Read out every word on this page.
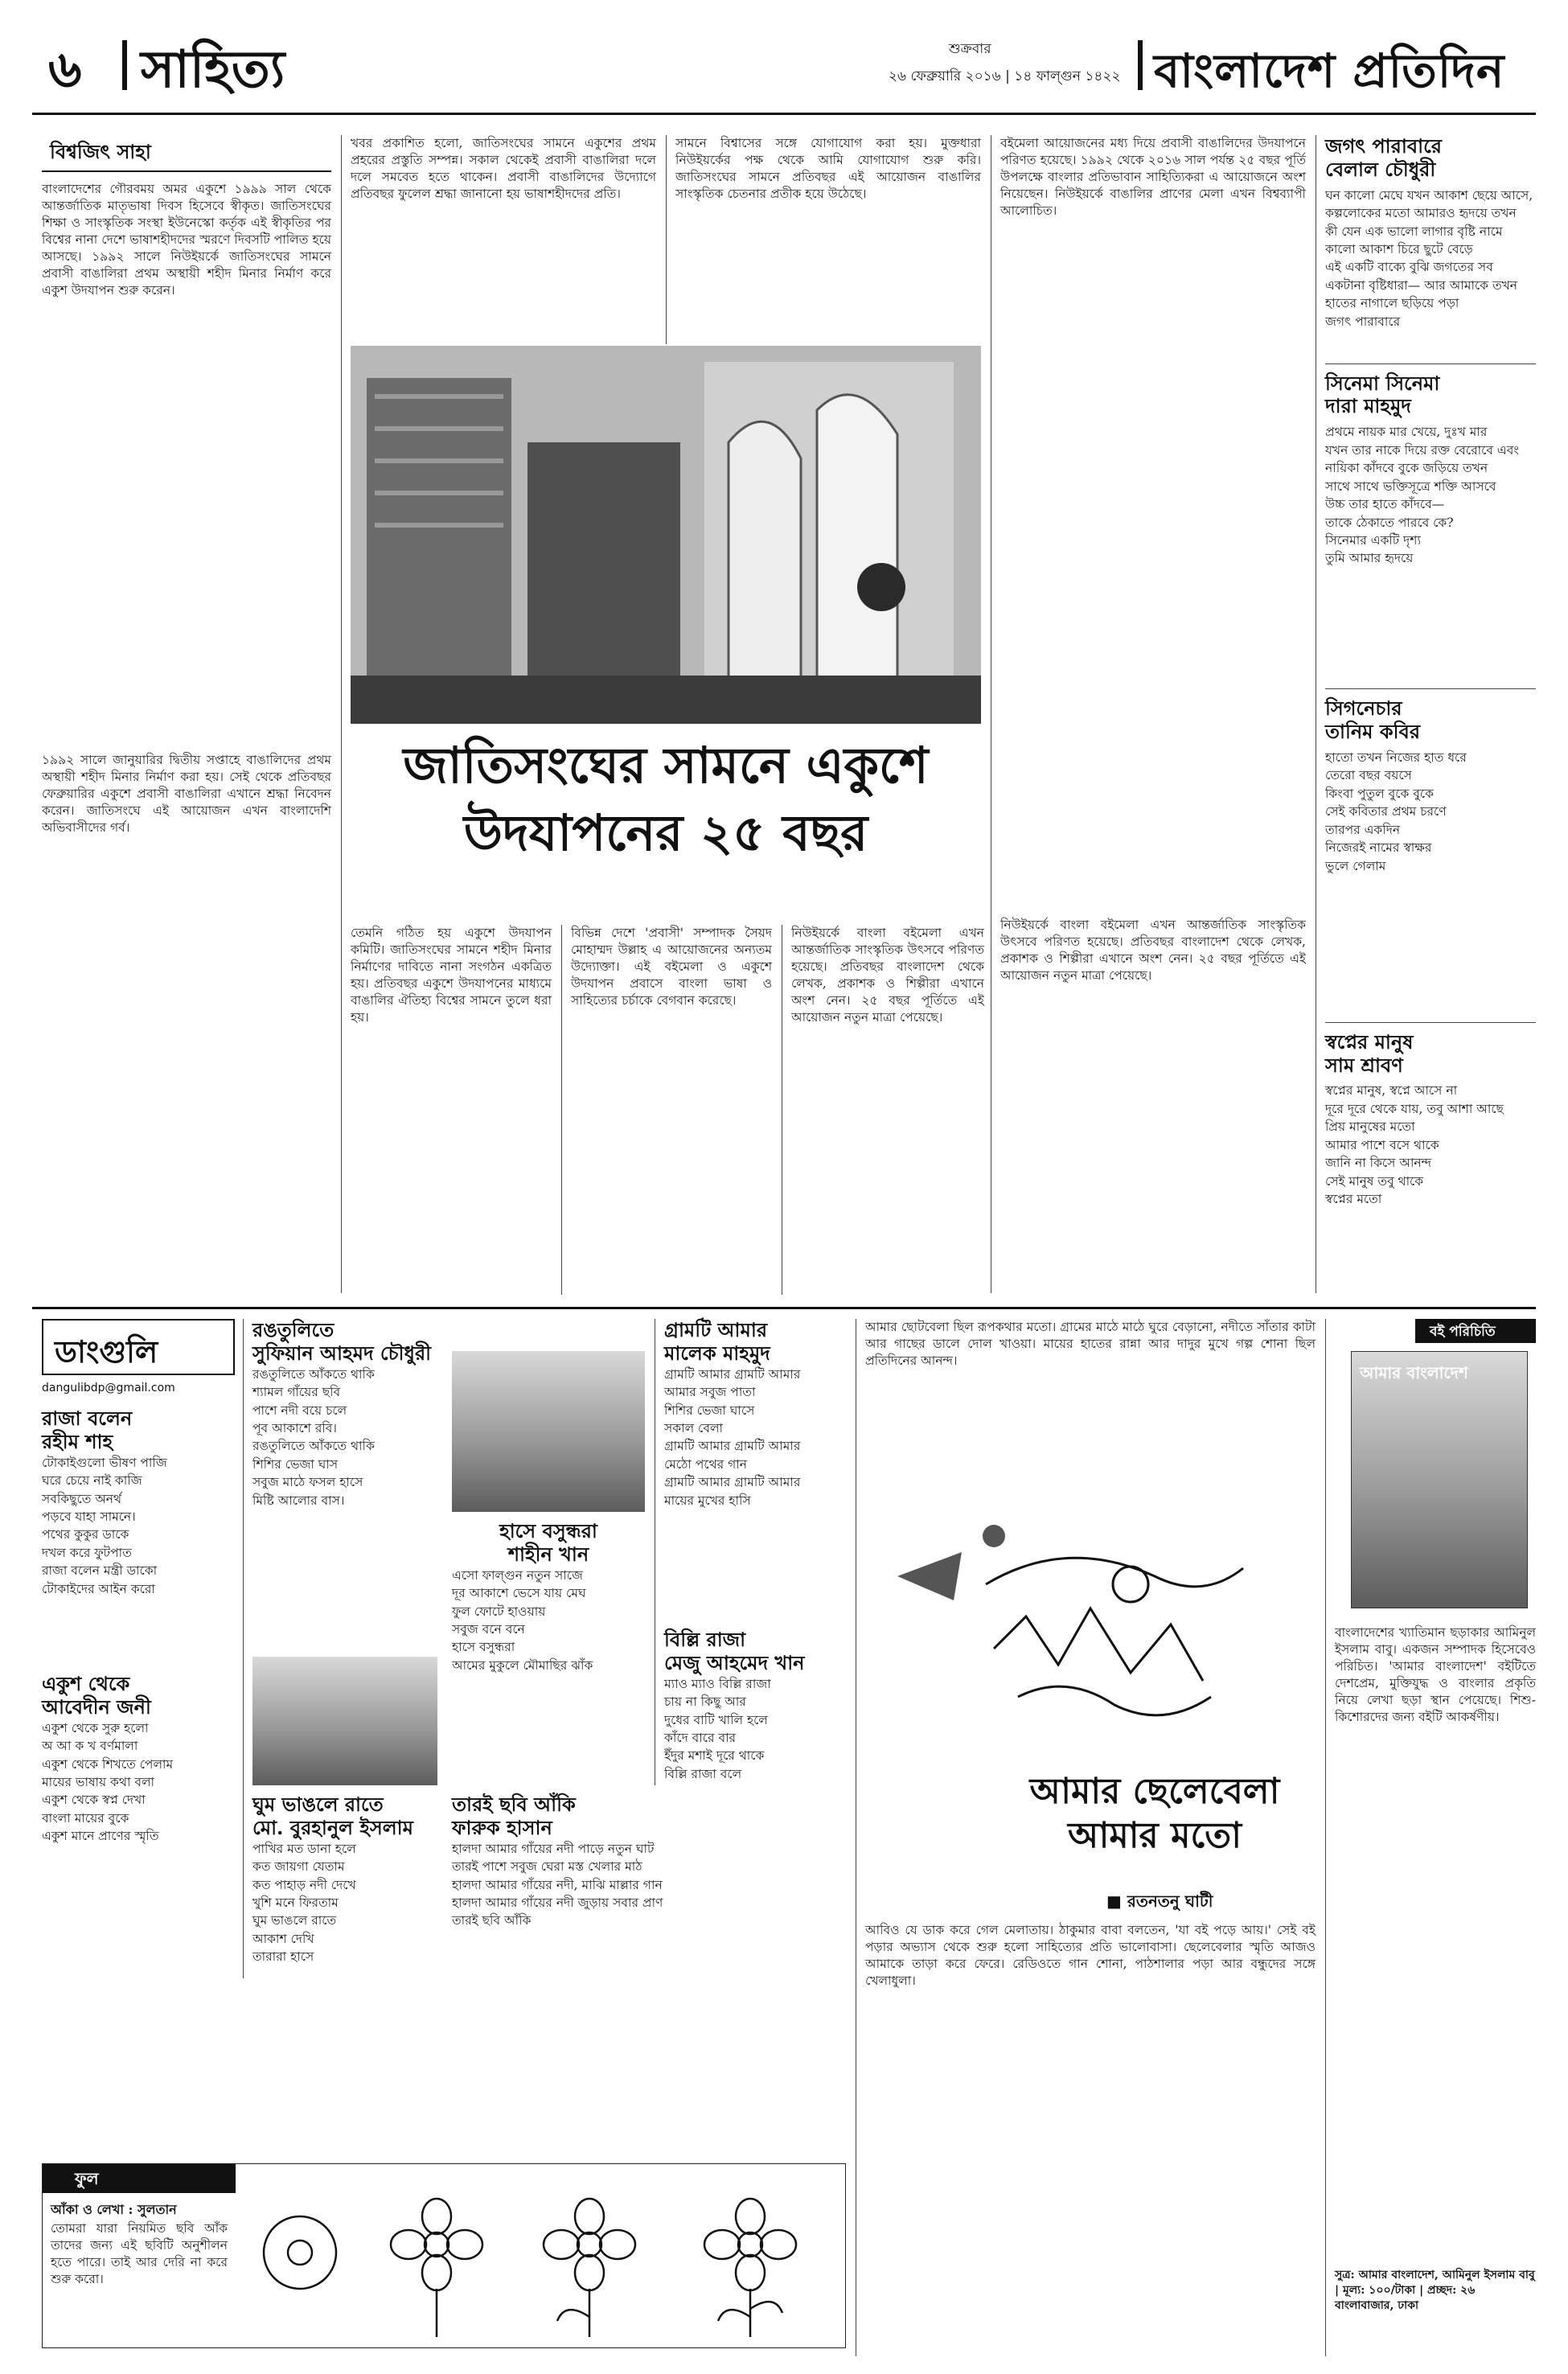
৬ সাহিত্য	শুক্রবার
২৬ ফেব্রুয়ারি ২০১৬ | ১৪ ফাল্গুন ১৪২২ বাংলাদেশ প্রতিদিন
বিশ্বজিৎ সাহা
বাংলাদেশের গৌরবময় অমর একুশে ১৯৯৯ সাল থেকে আন্তর্জাতিক মাতৃভাষা দিবস হিসেবে স্বীকৃত। জাতিসংঘের শিক্ষা ও সাংস্কৃতিক সংস্থা ইউনেস্কো কর্তৃক এই স্বীকৃতির পর বিশ্বের নানা দেশে ভাষাশহীদদের স্মরণে দিবসটি পালিত হয়ে আসছে। ১৯৯২ সালে নিউইয়র্কে জাতিসংঘের সামনে প্রবাসী বাঙালিরা প্রথম অস্থায়ী শহীদ মিনার নির্মাণ করে একুশ উদযাপন শুরু করেন।
খবর প্রকাশিত হলো, জাতিসংঘের সামনে একুশের প্রথম প্রহরের প্রস্তুতি সম্পন্ন। সকাল থেকেই প্রবাসী বাঙালিরা দলে দলে সমবেত হতে থাকেন। প্রবাসী বাঙালিদের উদ্যোগে প্রতিবছর ফুলেল শ্রদ্ধা জানানো হয় ভাষাশহীদদের প্রতি।
সামনে বিশ্বাসের সঙ্গে যোগাযোগ করা হয়। মুক্তধারা নিউইয়র্কের পক্ষ থেকে আমি যোগাযোগ শুরু করি। জাতিসংঘের সামনে প্রতিবছর এই আয়োজন বাঙালির সাংস্কৃতিক চেতনার প্রতীক হয়ে উঠেছে।
বইমেলা আয়োজনের মধ্য দিয়ে প্রবাসী বাঙালিদের উদযাপনে পরিণত হয়েছে। ১৯৯২ থেকে ২০১৬ সাল পর্যন্ত ২৫ বছর পূর্তি উপলক্ষে বাংলার প্রতিভাবান সাহিত্যিকরা এ আয়োজনে অংশ নিয়েছেন। নিউইয়র্কে বাঙালির প্রাণের মেলা এখন বিশ্বব্যাপী আলোচিত।
জাতিসংঘের সামনে একুশে
উদযাপনের ২৫ বছর
১৯৯২ সালে জানুয়ারির দ্বিতীয় সপ্তাহে বাঙালিদের প্রথম অস্থায়ী শহীদ মিনার নির্মাণ করা হয়। সেই থেকে প্রতিবছর ফেব্রুয়ারির একুশে প্রবাসী বাঙালিরা এখানে শ্রদ্ধা নিবেদন করেন। জাতিসংঘে এই আয়োজন এখন বাংলাদেশি অভিবাসীদের গর্ব।
তেমনি গঠিত হয় একুশে উদযাপন কমিটি। জাতিসংঘের সামনে শহীদ মিনার নির্মাণের দাবিতে নানা সংগঠন একত্রিত হয়। প্রতিবছর একুশে উদযাপনের মাধ্যমে বাঙালির ঐতিহ্য বিশ্বের সামনে তুলে ধরা হয়।
বিভিন্ন দেশে 'প্রবাসী' সম্পাদক সৈয়দ মোহাম্মদ উল্লাহ এ আয়োজনের অন্যতম উদ্যোক্তা। এই বইমেলা ও একুশে উদযাপন প্রবাসে বাংলা ভাষা ও সাহিত্যের চর্চাকে বেগবান করেছে।
নিউইয়র্কে বাংলা বইমেলা এখন আন্তর্জাতিক সাংস্কৃতিক উৎসবে পরিণত হয়েছে। প্রতিবছর বাংলাদেশ থেকে লেখক, প্রকাশক ও শিল্পীরা এখানে অংশ নেন। ২৫ বছর পূর্তিতে এই আয়োজন নতুন মাত্রা পেয়েছে।
নিউইয়র্কে বাংলা বইমেলা এখন আন্তর্জাতিক সাংস্কৃতিক উৎসবে পরিণত হয়েছে। প্রতিবছর বাংলাদেশ থেকে লেখক, প্রকাশক ও শিল্পীরা এখানে অংশ নেন। ২৫ বছর পূর্তিতে এই আয়োজন নতুন মাত্রা পেয়েছে।
জগৎ পারাবারে
বেলাল চৌধুরী
ঘন কালো মেঘে যখন আকাশ ছেয়ে আসে,
কল্পলোকের মতো আমারও হৃদয়ে তখন
কী যেন এক ভালো লাগার বৃষ্টি নামে
কালো আকাশ চিরে ছুটে বেড়ে
এই একটি বাক্যে বুঝি জগতের সব
একটানা বৃষ্টিধারা— আর আমাকে তখন
হাতের নাগালে ছড়িয়ে পড়া
জগৎ পারাবারে
সিনেমা সিনেমা
দারা মাহমুদ
প্রথমে নায়ক মার খেয়ে, দুঃখ মার
যখন তার নাকে দিয়ে রক্ত বেরোবে এবং
নায়িকা কাঁদবে বুকে জড়িয়ে তখন
সাথে সাথে ভক্তিসূত্রে শক্তি আসবে
উচ্চ তার হাতে কাঁদবে—
তাকে ঠেকাতে পারবে কে?
সিনেমার একটি দৃশ্য
তুমি আমার হৃদয়ে
সিগনেচার
তানিম কবির
হাতো তখন নিজের হাত ধরে
তেরো বছর বয়সে
কিংবা পুতুল বুকে বুকে
সেই কবিতার প্রথম চরণে
তারপর একদিন
নিজেরই নামের স্বাক্ষর
ভুলে গেলাম
স্বপ্নের মানুষ
সাম শ্রাবণ
স্বপ্নের মানুষ, স্বপ্নে আসে না
দূরে দূরে থেকে যায়, তবু আশা আছে
প্রিয় মানুষের মতো
আমার পাশে বসে থাকে
জানি না কিসে আনন্দ
সেই মানুষ তবু থাকে
স্বপ্নের মতো
ডাংগুলি
dangulibdp@gmail.com
রাজা বলেন
রহীম শাহ
টোকাইগুলো ভীষণ পাজি
ঘরে চেয়ে নাই কাজি
সবকিছুতে অনর্থ
পড়বে যাহা সামনে।
পথের কুকুর ডাকে
দখল করে ফুটপাত
রাজা বলেন মন্ত্রী ডাকো
টোকাইদের আইন করো
একুশ থেকে
আবেদীন জনী
একুশ থেকে সুরু হলো
অ আ ক খ বর্ণমালা
একুশ থেকে শিখতে পেলাম
মায়ের ভাষায় কথা বলা
একুশ থেকে স্বপ্ন দেখা
বাংলা মায়ের বুকে
একুশ মানে প্রাণের স্মৃতি
রঙতুলিতে
সুফিয়ান আহমদ চৌধুরী
রঙতুলিতে আঁকতে থাকি
শ্যামল গাঁয়ের ছবি
পাশে নদী বয়ে চলে
পূব আকাশে রবি।
রঙতুলিতে আঁকতে থাকি
শিশির ভেজা ঘাস
সবুজ মাঠে ফসল হাসে
মিষ্টি আলোর বাস।
ঘুম ভাঙলে রাতে
মো. বুরহানুল ইসলাম
পাখির মত ডানা হলে
কত জায়গা যেতাম
কত পাহাড় নদী দেখে
খুশি মনে ফিরতাম
ঘুম ভাঙলে রাতে
আকাশ দেখি
তারারা হাসে
হাসে বসুন্ধরা
শাহীন খান
এসো ফাল্গুন নতুন সাজে
দূর আকাশে ভেসে যায় মেঘ
ফুল ফোটে হাওয়ায়
সবুজ বনে বনে
হাসে বসুন্ধরা
আমের মুকুলে মৌমাছির ঝাঁক
তারই ছবি আঁকি
ফারুক হাসান
হালদা আমার গাঁয়ের নদী পাড়ে নতুন ঘাট
তারই পাশে সবুজ ঘেরা মস্ত খেলার মাঠ
হালদা আমার গাঁয়ের নদী, মাঝি মাল্লার গান
হালদা আমার গাঁয়ের নদী জুড়ায় সবার প্রাণ
তারই ছবি আঁকি
গ্রামটি আমার
মালেক মাহমুদ
গ্রামটি আমার গ্রামটি আমার
আমার সবুজ পাতা
শিশির ভেজা ঘাসে
সকাল বেলা
গ্রামটি আমার গ্রামটি আমার
মেঠো পথের গান
গ্রামটি আমার গ্রামটি আমার
মায়ের মুখের হাসি
বিল্লি রাজা
মেজু আহমেদ খান
ম্যাও ম্যাও বিল্লি রাজা
চায় না কিছু আর
দুধের বাটি খালি হলে
কাঁদে বারে বার
ইঁদুর মশাই দূরে থাকে
বিল্লি রাজা বলে
ফুল
আঁকা ও লেখা : সুলতান
তোমরা যারা নিয়মিত ছবি আঁক তাদের জন্য এই ছবিটি অনুশীলন হতে পারে। তাই আর দেরি না করে শুরু করো।
আমার ছোটবেলা ছিল রূপকথার মতো। গ্রামের মাঠে মাঠে ঘুরে বেড়ানো, নদীতে সাঁতার কাটা আর গাছের ডালে দোল খাওয়া। মায়ের হাতের রান্না আর দাদুর মুখে গল্প শোনা ছিল প্রতিদিনের আনন্দ।
আমার ছেলেবেলা
আমার মতো
■ রতনতনু ঘাটী
আবিও যে ডাক করে গেল মেলাতায়। ঠাকুমার বাবা বলতেন, 'যা বই পড়ে আয়।' সেই বই পড়ার অভ্যাস থেকে শুরু হলো সাহিত্যের প্রতি ভালোবাসা। ছেলেবেলার স্মৃতি আজও আমাকে তাড়া করে ফেরে। রেডিওতে গান শোনা, পাঠশালার পড়া আর বন্ধুদের সঙ্গে খেলাধুলা।
বই পরিচিতি
আমার বাংলাদেশ
বাংলাদেশের খ্যাতিমান ছড়াকার আমিনুল ইসলাম বাবু। একজন সম্পাদক হিসেবেও পরিচিত। 'আমার বাংলাদেশ' বইটিতে দেশপ্রেম, মুক্তিযুদ্ধ ও বাংলার প্রকৃতি নিয়ে লেখা ছড়া স্থান পেয়েছে। শিশু-কিশোরদের জন্য বইটি আকর্ষণীয়।
সুত্র: আমার বাংলাদেশ, আমিনুল ইসলাম বাবু | মূল্য: ১০০/টাকা | প্রচ্ছদ: ২৬ বাংলাবাজার, ঢাকা
